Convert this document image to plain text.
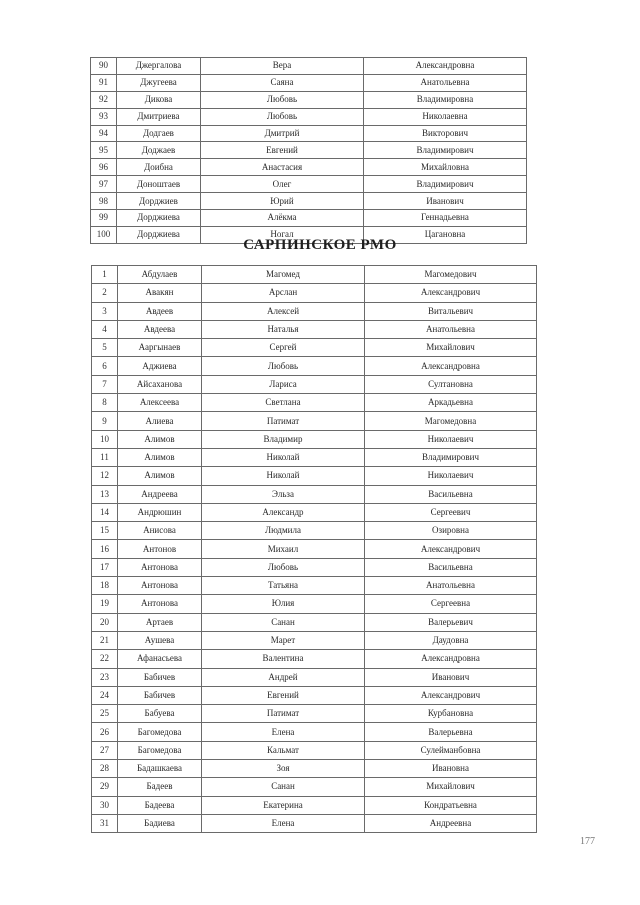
90	Джергалова	Вера	Александровна
91	Джугеева	Саяна	Анатольевна
92	Дикова	Любовь	Владимировна
93	Дмитриева	Любовь	Николаевна
94	Додгаев	Дмитрий	Викторович
95	Доджаев	Евгений	Владимирович
96	Доибна	Анастасия	Михайловна
97	Доноштаев	Олег	Владимирович
98	Дорджиев	Юрий	Иванович
99	Дорджиева	Алёкма	Геннадьевна
100	Дорджиева	Ногал	Цагановна
САРПИНСКОЕ РМО
1	Абдулаев	Магомед	Магомедович
2	Авакян	Арслан	Александрович
3	Авдеев	Алексей	Витальевич
4	Авдеева	Наталья	Анатольевна
5	Ааргынаев	Сергей	Михайлович
6	Аджиева	Любовь	Александровна
7	Айсаханова	Лариса	Султановна
8	Алексеева	Светлана	Аркадьевна
9	Алиева	Патимат	Магомедовна
10	Алимов	Владимир	Николаевич
11	Алимов	Николай	Владимирович
12	Алимов	Николай	Николаевич
13	Андреева	Эльза	Васильевна
14	Андрюшин	Александр	Сергеевич
15	Анисова	Людмила	Озировна
16	Антонов	Михаил	Александрович
17	Антонова	Любовь	Васильевна
18	Антонова	Татьяна	Анатольевна
19	Антонова	Юлия	Сергеевна
20	Артаев	Санан	Валерьевич
21	Аушева	Марет	Даудовна
22	Афанасьева	Валентина	Александровна
23	Бабичев	Андрей	Иванович
24	Бабичев	Евгений	Александрович
25	Бабуева	Патимат	Курбановна
26	Багомедова	Елена	Валерьевна
27	Багомедова	Кальмат	Сулейманбовна
28	Бадашкаева	Зоя	Ивановна
29	Бадеев	Санан	Михайлович
30	Бадеева	Екатерина	Кондратьевна
31	Бадиева	Елена	Андреевна
177
